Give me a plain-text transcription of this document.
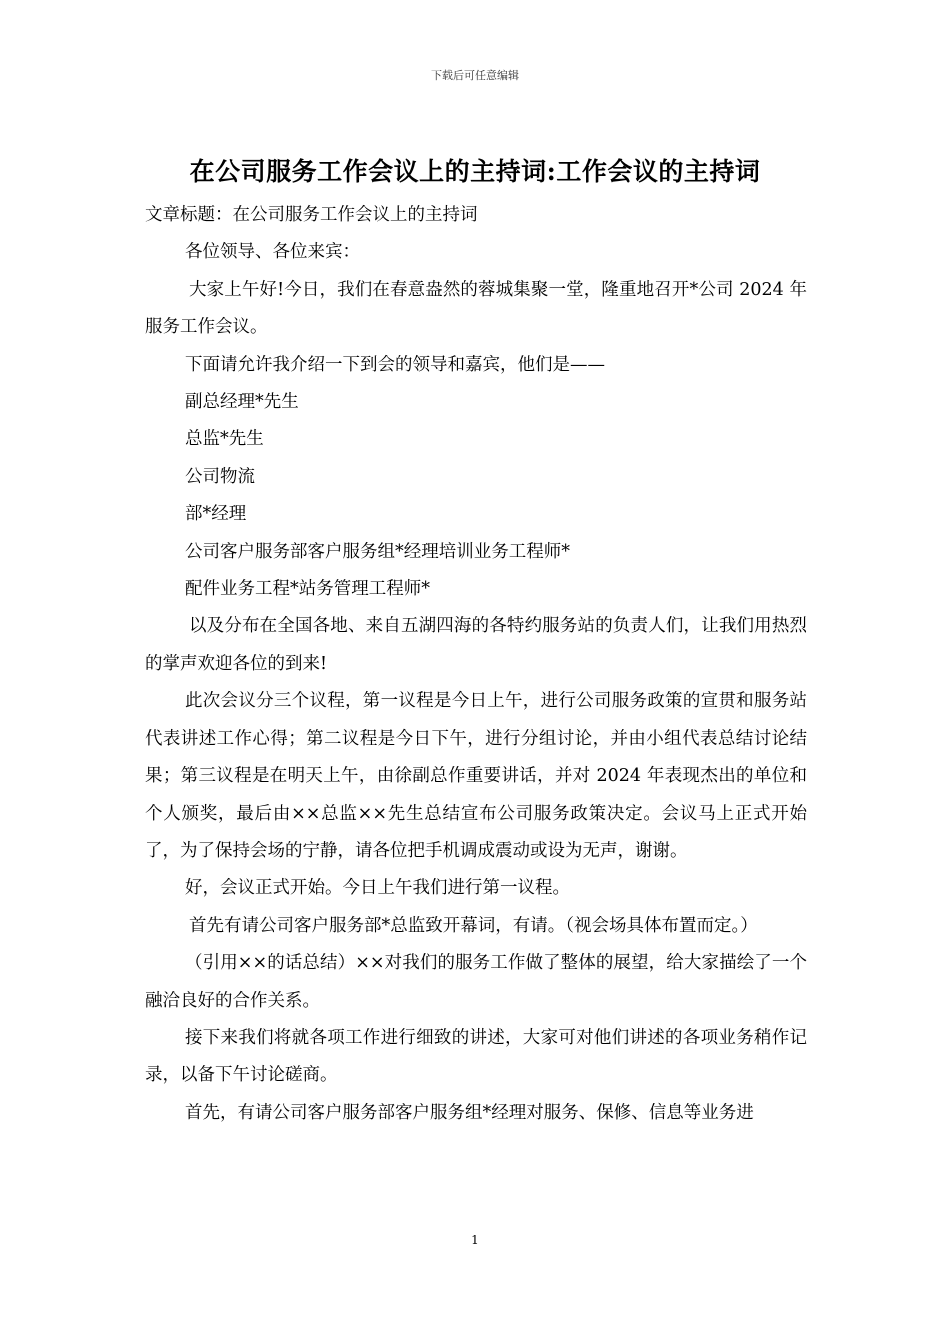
下载后可任意编辑
在公司服务工作会议上的主持词:工作会议的主持词

文章标题：在公司服务工作会议上的主持词

各位领导、各位来宾：

大家上午好!今日，我们在春意盎然的蓉城集聚一堂，隆重地召开*公司 2024 年服务工作会议。

下面请允许我介绍一下到会的领导和嘉宾，他们是——

副总经理*先生

总监*先生

公司物流

部*经理

公司客户服务部客户服务组*经理培训业务工程师*

配件业务工程*站务管理工程师*

以及分布在全国各地、来自五湖四海的各特约服务站的负责人们，让我们用热烈的掌声欢迎各位的到来!

此次会议分三个议程，第一议程是今日上午，进行公司服务政策的宣贯和服务站代表讲述工作心得；第二议程是今日下午，进行分组讨论，并由小组代表总结讨论结果；第三议程是在明天上午，由徐副总作重要讲话，并对 2024 年表现杰出的单位和个人颁奖，最后由××总监××先生总结宣布公司服务政策决定。会议马上正式开始了，为了保持会场的宁静，请各位把手机调成震动或设为无声，谢谢。

好，会议正式开始。今日上午我们进行第一议程。

首先有请公司客户服务部*总监致开幕词，有请。（视会场具体布置而定。）

（引用××的话总结）××对我们的服务工作做了整体的展望，给大家描绘了一个融洽良好的合作关系。

接下来我们将就各项工作进行细致的讲述，大家可对他们讲述的各项业务稍作记录，以备下午讨论磋商。

首先，有请公司客户服务部客户服务组*经理对服务、保修、信息等业务进

1
